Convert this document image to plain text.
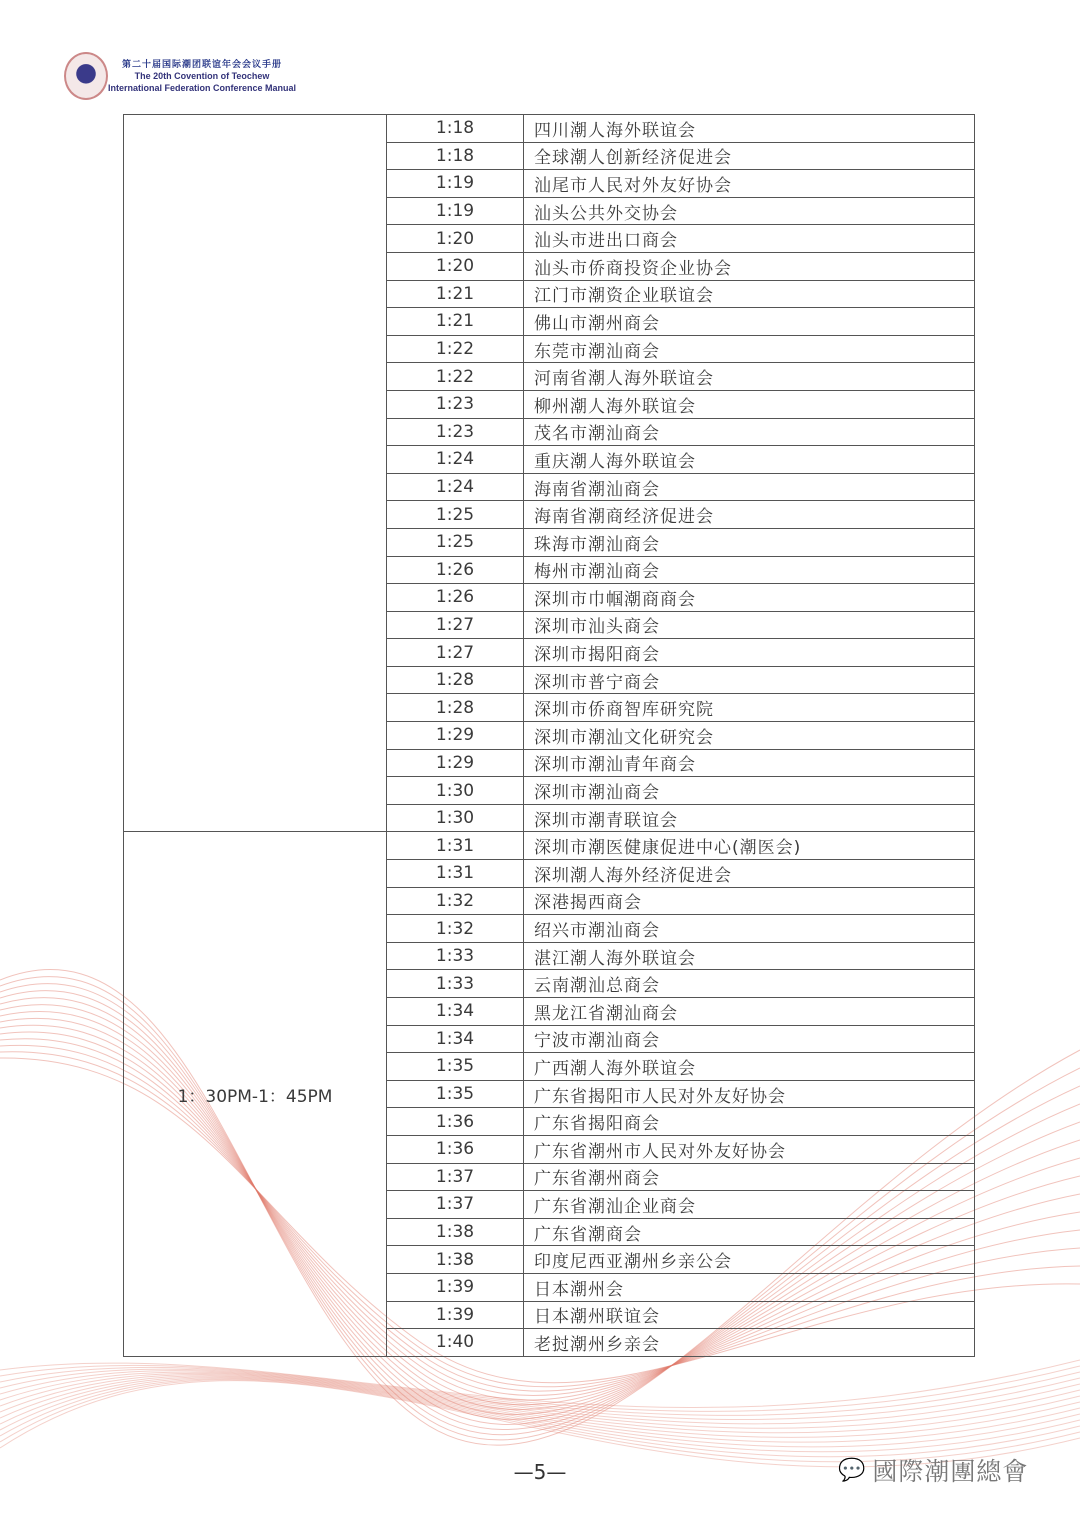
第二十届国际潮团联谊年会会议手册
The 20th Covention of Teochew
International Federation Conference Manual
	1:18	四川潮人海外联谊会
	1:18	全球潮人创新经济促进会
	1:19	汕尾市人民对外友好协会
	1:19	汕头公共外交协会
	1:20	汕头市进出口商会
	1:20	汕头市侨商投资企业协会
	1:21	江门市潮资企业联谊会
	1:21	佛山市潮州商会
	1:22	东莞市潮汕商会
	1:22	河南省潮人海外联谊会
	1:23	柳州潮人海外联谊会
	1:23	茂名市潮汕商会
	1:24	重庆潮人海外联谊会
	1:24	海南省潮汕商会
	1:25	海南省潮商经济促进会
	1:25	珠海市潮汕商会
	1:26	梅州市潮汕商会
	1:26	深圳市巾帼潮商商会
	1:27	深圳市汕头商会
	1:27	深圳市揭阳商会
	1:28	深圳市普宁商会
	1:28	深圳市侨商智库研究院
	1:29	深圳市潮汕文化研究会
	1:29	深圳市潮汕青年商会
	1:30	深圳市潮汕商会
	1:30	深圳市潮青联谊会
1：30PM-1：45PM	1:31	深圳市潮医健康促进中心(潮医会)
	1:31	深圳潮人海外经济促进会
	1:32	深港揭西商会
	1:32	绍兴市潮汕商会
	1:33	湛江潮人海外联谊会
	1:33	云南潮汕总商会
	1:34	黑龙江省潮汕商会
	1:34	宁波市潮汕商会
	1:35	广西潮人海外联谊会
	1:35	广东省揭阳市人民对外友好协会
	1:36	广东省揭阳商会
	1:36	广东省潮州市人民对外友好协会
	1:37	广东省潮州商会
	1:37	广东省潮汕企业商会
	1:38	广东省潮商会
	1:38	印度尼西亚潮州乡亲公会
	1:39	日本潮州会
	1:39	日本潮州联谊会
	1:40	老挝潮州乡亲会
—5—	💬 國際潮團總會
